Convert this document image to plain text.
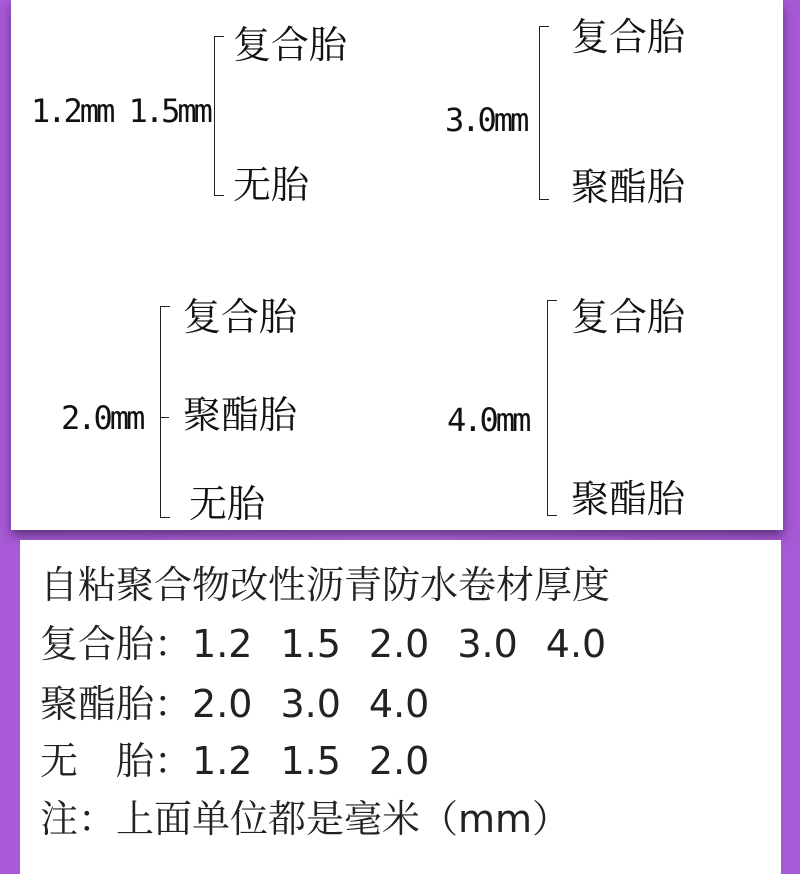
1.2mm 1.5mm
复合胎
无胎
3.0mm
复合胎
聚酯胎
2.0mm
复合胎
聚酯胎
无胎
4.0mm
复合胎
聚酯胎
自粘聚合物改性沥青防水卷材厚度
复合胎：1.2 1.5 2.0 3.0 4.0
聚酯胎：2.0 3.0 4.0
无　胎：1.2 1.5 2.0
注：上面单位都是毫米（mm）
